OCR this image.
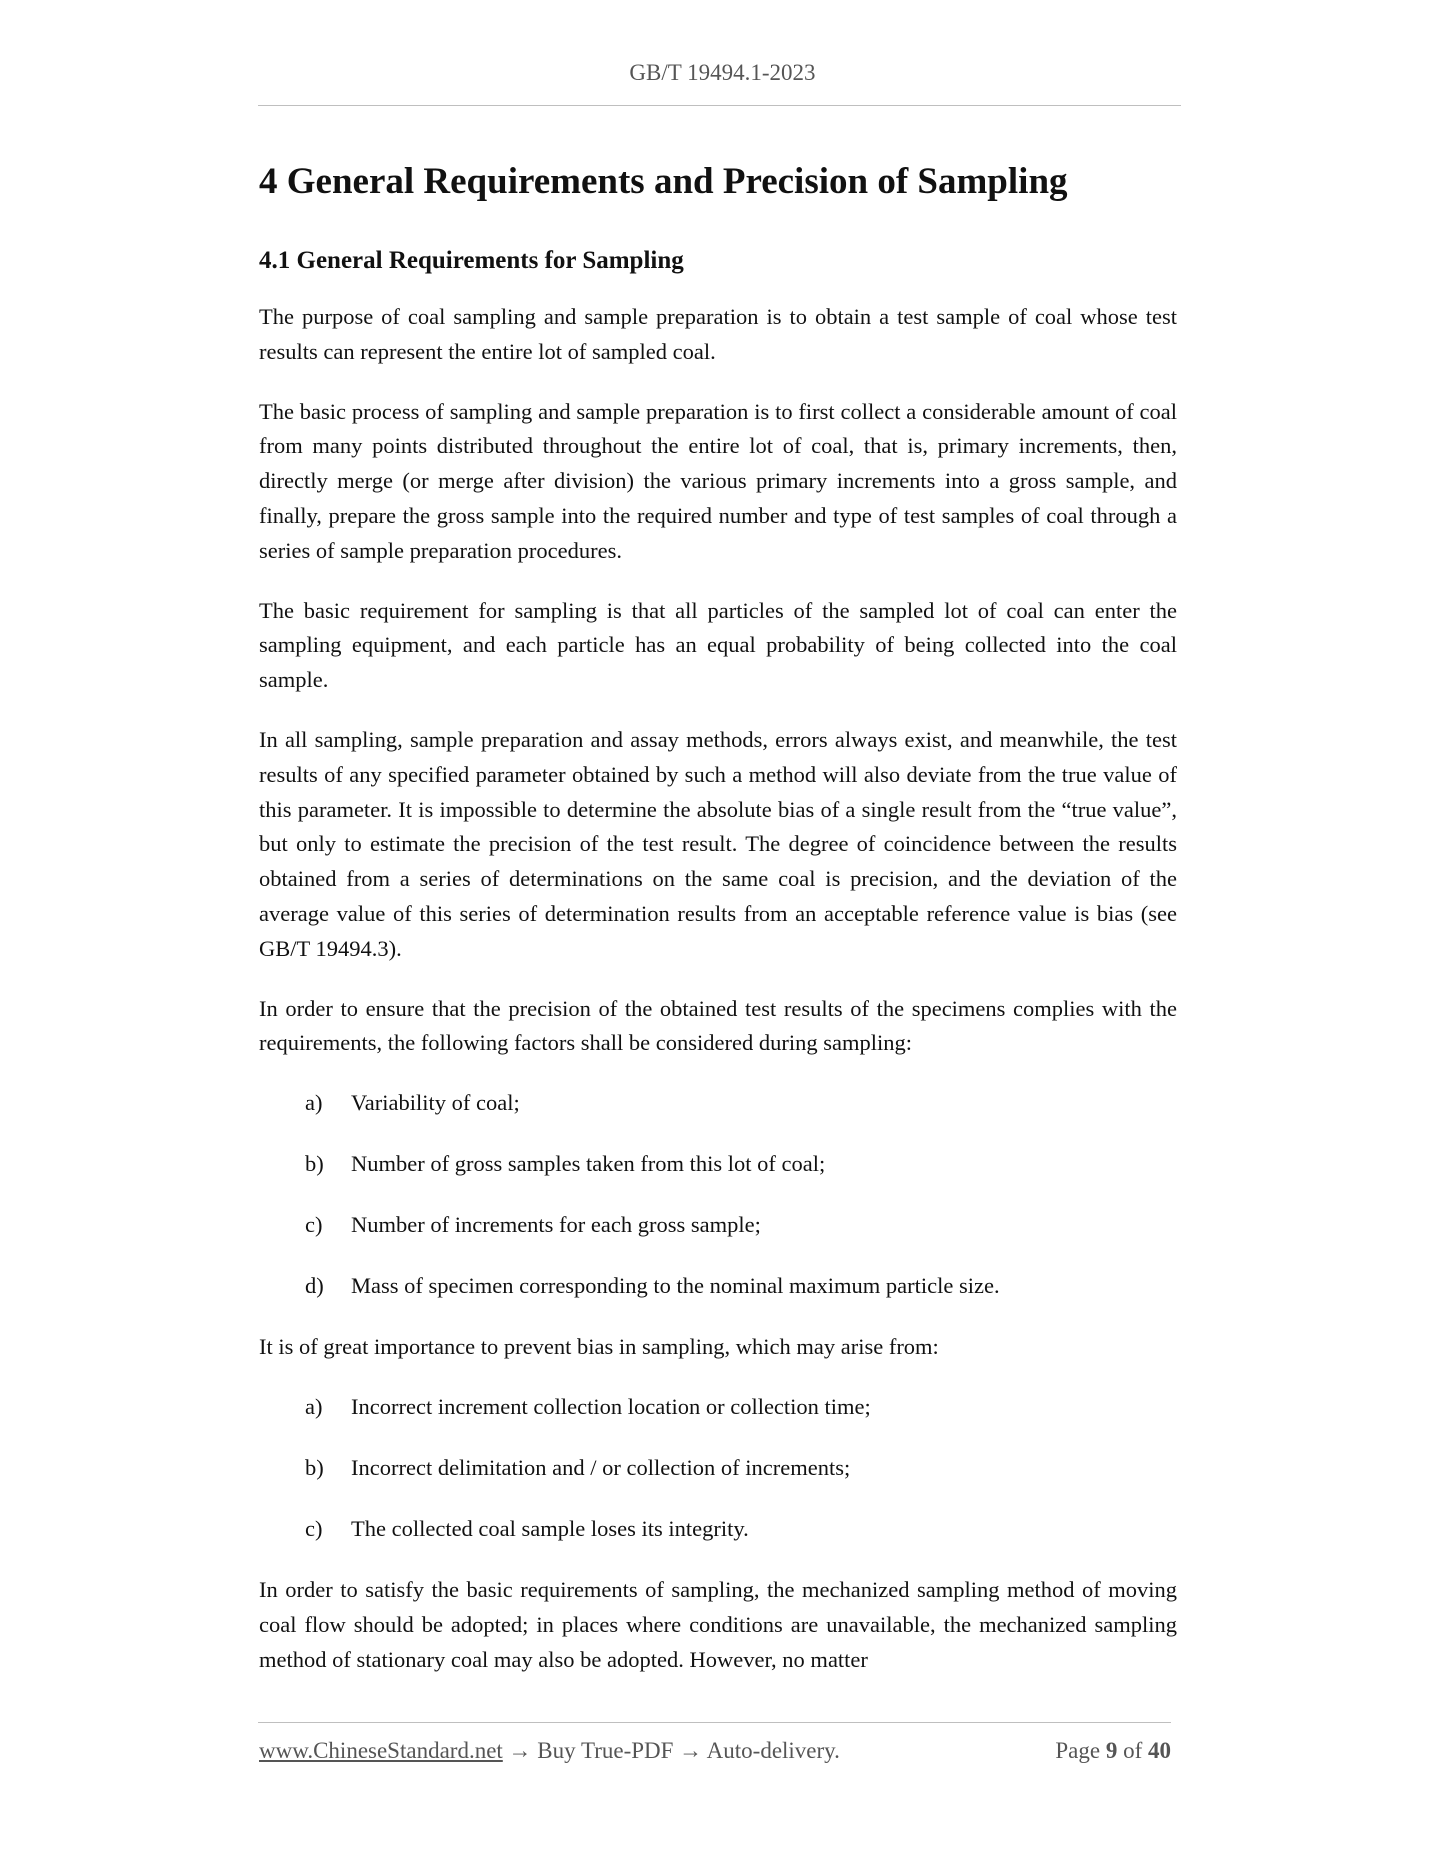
GB/T 19494.1-2023
4 General Requirements and Precision of Sampling
4.1 General Requirements for Sampling

The purpose of coal sampling and sample preparation is to obtain a test sample of coal whose test results can represent the entire lot of sampled coal.

The basic process of sampling and sample preparation is to first collect a considerable amount of coal from many points distributed throughout the entire lot of coal, that is, primary increments, then, directly merge (or merge after division) the various primary increments into a gross sample, and finally, prepare the gross sample into the required number and type of test samples of coal through a series of sample preparation procedures.

The basic requirement for sampling is that all particles of the sampled lot of coal can enter the sampling equipment, and each particle has an equal probability of being collected into the coal sample.

In all sampling, sample preparation and assay methods, errors always exist, and meanwhile, the test results of any specified parameter obtained by such a method will also deviate from the true value of this parameter. It is impossible to determine the absolute bias of a single result from the “true value”, but only to estimate the precision of the test result. The degree of coincidence between the results obtained from a series of determinations on the same coal is precision, and the deviation of the average value of this series of determination results from an acceptable reference value is bias (see GB/T 19494.3).

In order to ensure that the precision of the obtained test results of the specimens complies with the requirements, the following factors shall be considered during sampling:

a)	Variability of coal;
b)	Number of gross samples taken from this lot of coal;
c)	Number of increments for each gross sample;
d)	Mass of specimen corresponding to the nominal maximum particle size.

It is of great importance to prevent bias in sampling, which may arise from:

a)	Incorrect increment collection location or collection time;
b)	Incorrect delimitation and / or collection of increments;
c)	The collected coal sample loses its integrity.

In order to satisfy the basic requirements of sampling, the mechanized sampling method of moving coal flow should be adopted; in places where conditions are unavailable, the mechanized sampling method of stationary coal may also be adopted. However, no matter

www.ChineseStandard.net → Buy True-PDF → Auto-delivery.	Page 9 of 40
